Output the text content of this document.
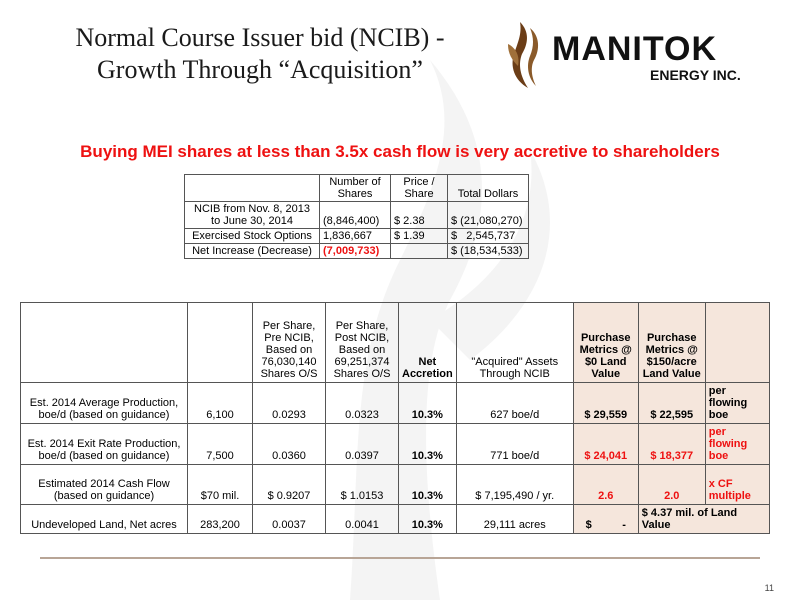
Normal Course Issuer bid (NCIB) -
Growth Through “Acquisition”
MANITOK
ENERGY INC.
Buying MEI shares at less than 3.5x cash flow is very accretive to shareholders
	Number of Shares	Price / Share	Total Dollars
NCIB from Nov. 8, 2013 to June 30, 2014	(8,846,400)	$ 2.38	$ (21,080,270)
Exercised Stock Options	1,836,667	$ 1.39	$   2,545,737
Net Increase (Decrease)	(7,009,733)		$ (18,534,533)
		Per Share, Pre NCIB, Based on 76,030,140 Shares O/S	Per Share, Post NCIB, Based on 69,251,374 Shares O/S	Net Accretion	"Acquired" Assets Through NCIB	Purchase Metrics @ $0 Land Value	Purchase Metrics @ $150/acre Land Value	
Est. 2014 Average Production, boe/d (based on guidance)	6,100	0.0293	0.0323	10.3%	627 boe/d	$ 29,559	$ 22,595	per flowing boe
Est. 2014 Exit Rate Production, boe/d (based on guidance)	7,500	0.0360	0.0397	10.3%	771 boe/d	$ 24,041	$ 18,377	per flowing boe
Estimated 2014 Cash Flow (based on guidance)	$70 mil.	$ 0.9207	$ 1.0153	10.3%	$ 7,195,490 / yr.	2.6	2.0	x CF multiple
Undeveloped Land, Net acres	283,200	0.0037	0.0041	10.3%	29,111 acres	$          -	$ 4.37 mil. of Land Value	
11
